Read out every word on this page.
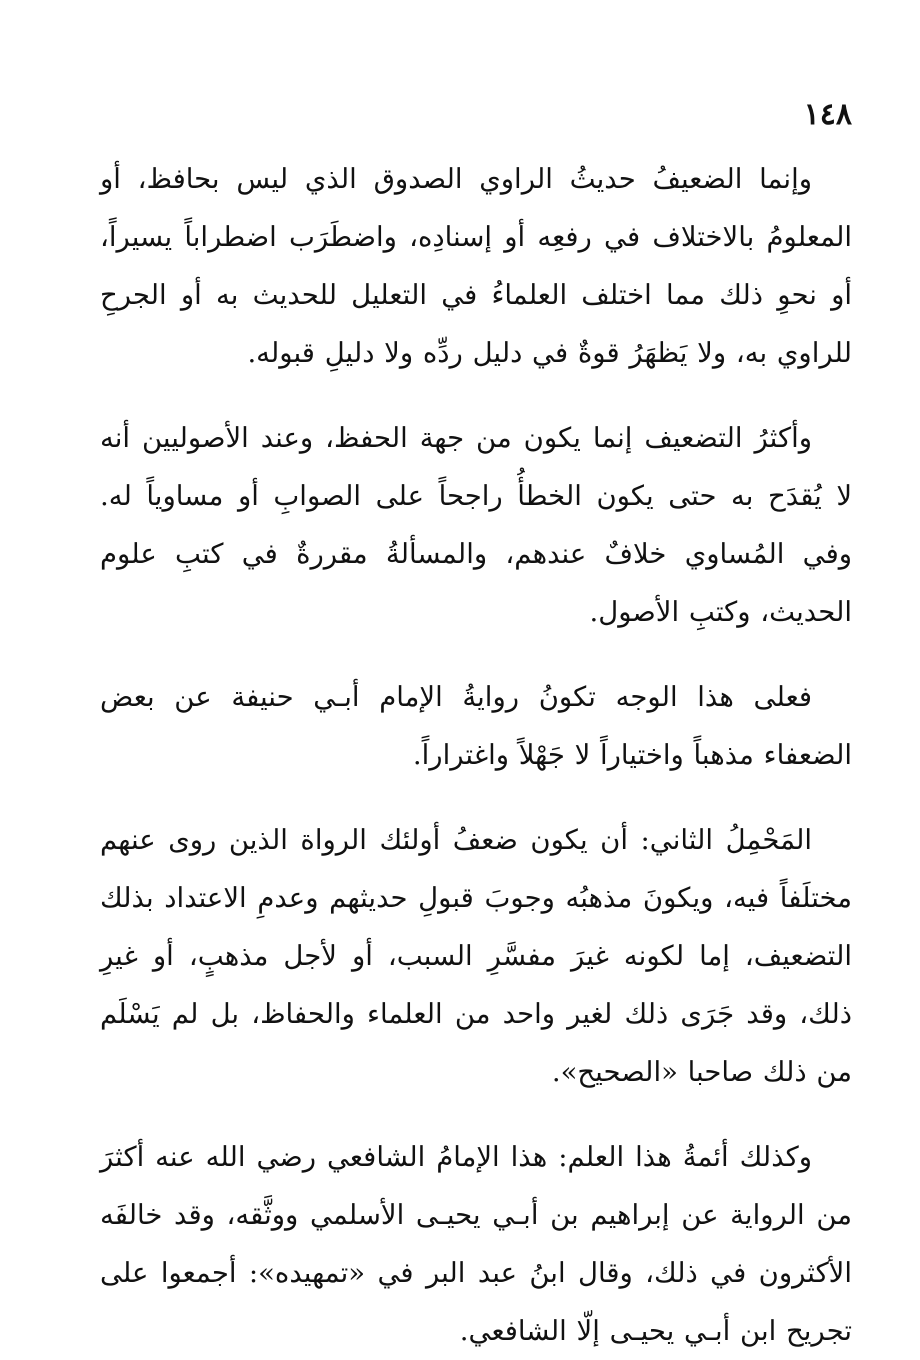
١٤٨

وإنما الضعيفُ حديثُ الراوي الصدوق الذي ليس بحافظ، أو المعلومُ بالاختلاف في رفعِه أو إسنادِه، واضطَرَب اضطراباً يسيراً، أو نحوِ ذلك مما اختلف العلماءُ في التعليل للحديث به أو الجرحِ للراوي به، ولا يَظهَرُ قوةٌ في دليل ردِّه ولا دليلِ قبوله.

وأكثرُ التضعيف إنما يكون من جهة الحفظ، وعند الأصوليين أنه لا يُقدَح به حتى يكون الخطأُ راجحاً على الصوابِ أو مساوياً له. وفي المُساوي خلافٌ عندهم، والمسألةُ مقررةٌ في كتبِ علوم الحديث، وكتبِ الأصول.

فعلى هذا الوجه تكونُ روايةُ الإمام أبـي حنيفة عن بعض الضعفاء مذهباً واختياراً لا جَهْلاً واغتراراً.

المَحْمِلُ الثاني: أن يكون ضعفُ أولئك الرواة الذين روى عنهم مختلَفاً فيه، ويكونَ مذهبُه وجوبَ قبولِ حديثهم وعدمِ الاعتداد بذلك التضعيف، إما لكونه غيرَ مفسَّرِ السبب، أو لأجل مذهبٍ، أو غيرِ ذلك، وقد جَرَى ذلك لغير واحد من العلماء والحفاظ، بل لم يَسْلَم من ذلك صاحبا «الصحيح».

وكذلك أئمةُ هذا العلم: هذا الإمامُ الشافعي رضي الله عنه أكثرَ من الرواية عن إبراهيم بن أبـي يحيـى الأسلمي ووثَّقه، وقد خالفَه الأكثرون في ذلك، وقال ابنُ عبد البر في «تمهيده»: أجمعوا على تجريح ابن أبـي يحيـى إلّا الشافعي.
